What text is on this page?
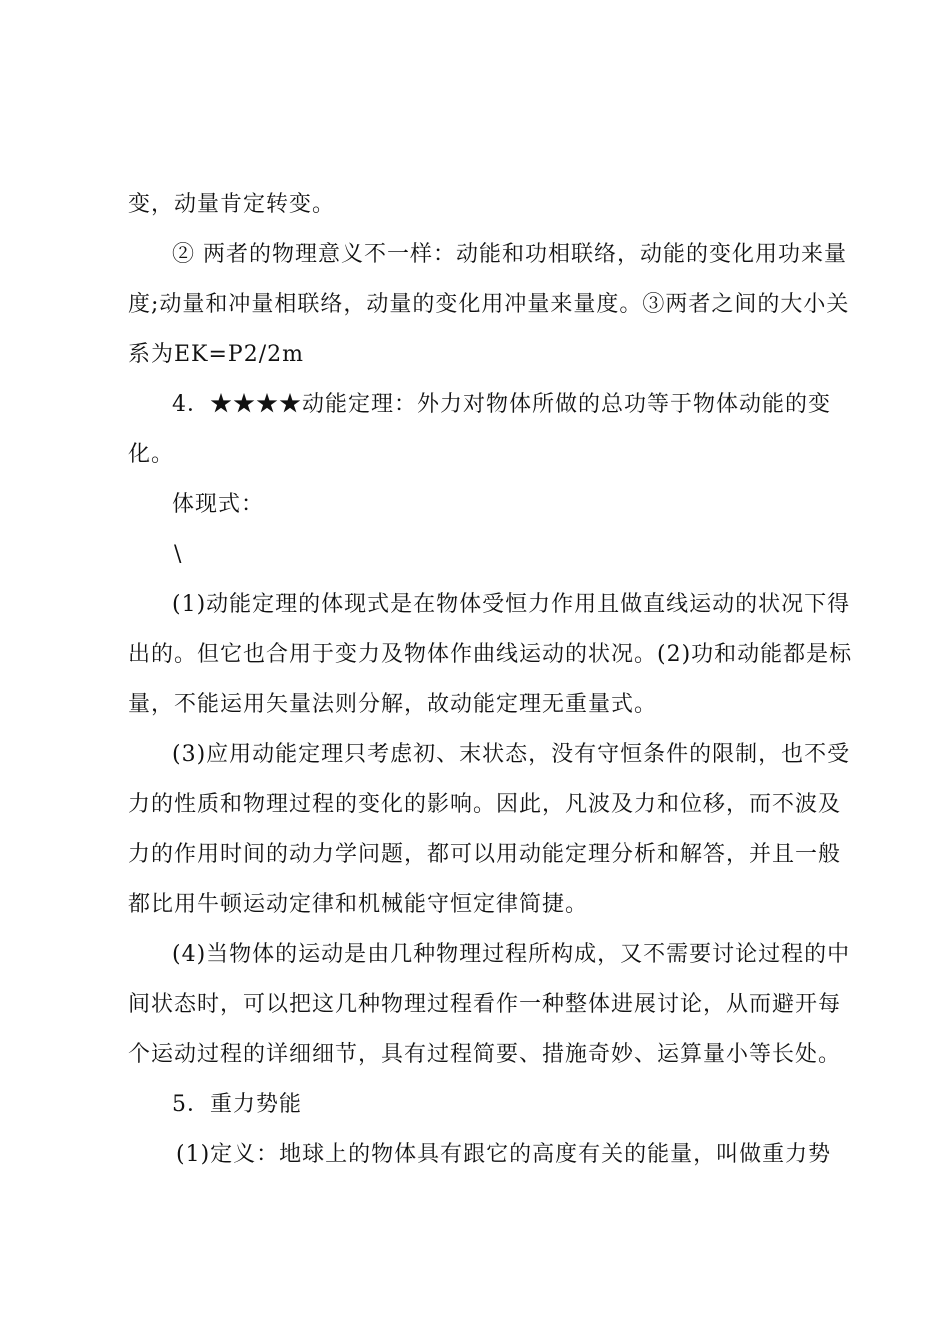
变，动量肯定转变。
② 两者的物理意义不一样：动能和功相联络，动能的变化用功来量
度;动量和冲量相联络，动量的变化用冲量来量度。③两者之间的大小关
系为EK=P2/2m
4．★★★★动能定理：外力对物体所做的总功等于物体动能的变
化。
体现式：
\
(1)动能定理的体现式是在物体受恒力作用且做直线运动的状况下得
出的。但它也合用于变力及物体作曲线运动的状况。(2)功和动能都是标
量，不能运用矢量法则分解，故动能定理无重量式。
(3)应用动能定理只考虑初、末状态，没有守恒条件的限制，也不受
力的性质和物理过程的变化的影响。因此，凡波及力和位移，而不波及
力的作用时间的动力学问题，都可以用动能定理分析和解答，并且一般
都比用牛顿运动定律和机械能守恒定律简捷。
(4)当物体的运动是由几种物理过程所构成，又不需要讨论过程的中
间状态时，可以把这几种物理过程看作一种整体进展讨论，从而避开每
个运动过程的详细细节，具有过程简要、措施奇妙、运算量小等长处。
5．重力势能
(1)定义：地球上的物体具有跟它的高度有关的能量，叫做重力势
